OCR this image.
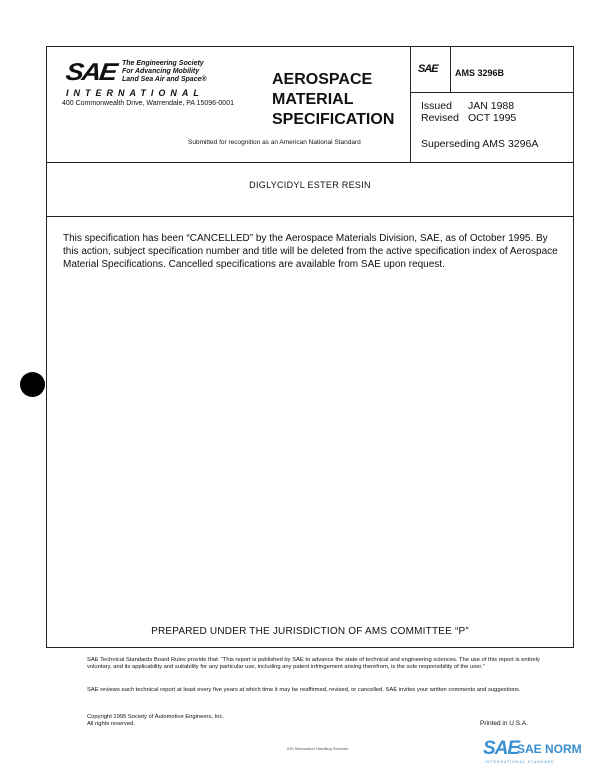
SAE The Engineering Society
For Advancing Mobility
Land Sea Air and Space®
INTERNATIONAL
400 Commonwealth Drive, Warrendale, PA 15096-0001
AEROSPACE
MATERIAL
SPECIFICATION
Submitted for recognition as an American National Standard
SAE AMS 3296B
Issued	JAN 1988
Revised OCT 1995
Superseding AMS 3296A
DIGLYCIDYL ESTER RESIN
This specification has been “CANCELLED” by the Aerospace Materials Division, SAE, as of October 1995. By this action, subject specification number and title will be deleted from the active specification index of Aerospace Material Specifications. Cancelled specifications are available from SAE upon request.
PREPARED UNDER THE JURISDICTION OF AMS COMMITTEE “P”
SAE Technical Standards Board Rules provide that: “This report is published by SAE to advance the state of technical and engineering sciences. The use of this report is entirely voluntary, and its applicability and suitability for any particular use, including any patent infringement arising therefrom, is the sole responsibility of the user.”
SAE reviews each technical report at least every five years at which time it may be reaffirmed, revised, or cancelled. SAE invites your written comments and suggestions.
Copyright 1995 Society of Automotive Engineers, Inc.
All rights reserved.	Printed in U.S.A.
IHS Information Handling Services	SAE
SAE NORM
INTERNATIONAL STANDARD
